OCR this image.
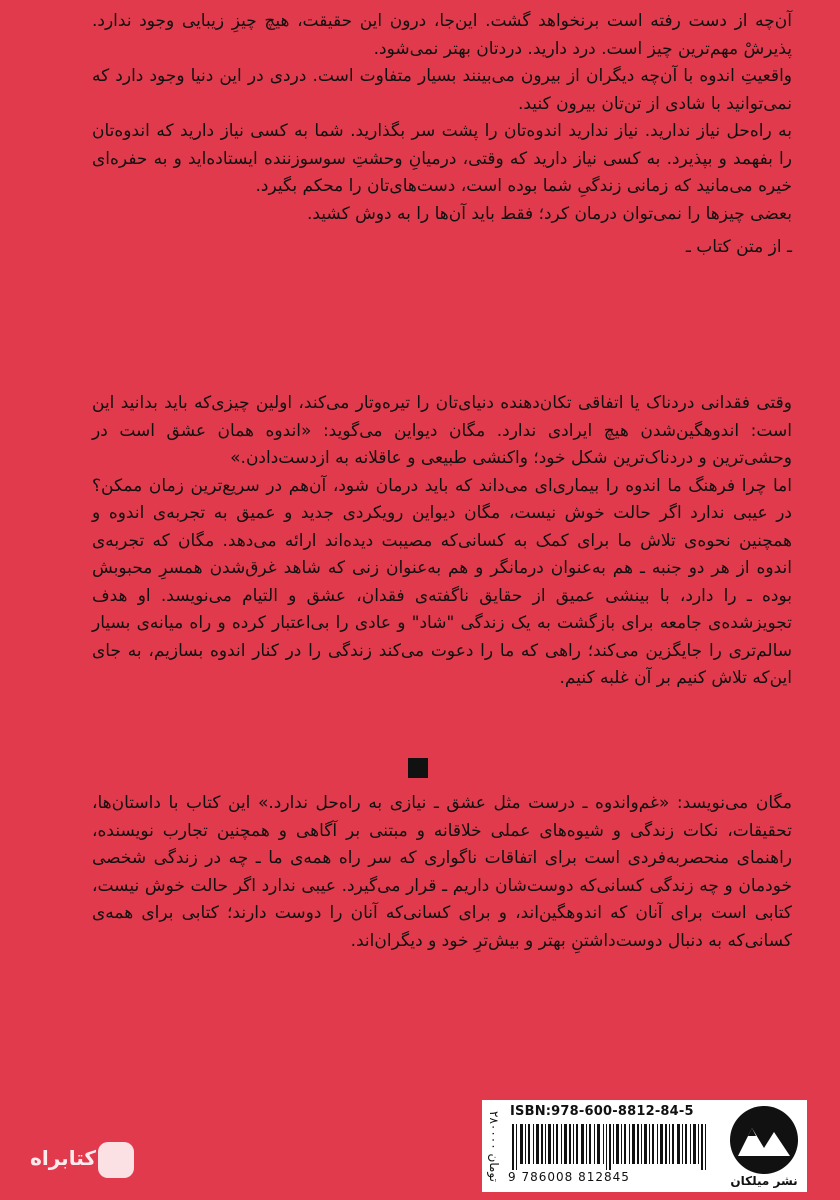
آن‌چه از دست رفته است برنخواهد گشت. این‌جا، درون این حقیقت، هیچ چیزِ زیبایی وجود ندارد. پذیرشْ مهم‌ترین چیز است. درد دارید. دردتان بهتر نمی‌شود.

واقعیتِ اندوه با آن‌چه دیگران از بیرون می‌بینند بسیار متفاوت است. دردی در این دنیا وجود دارد که نمی‌توانید با شادی از تن‌تان بیرون کنید.

به راه‌حل نیاز ندارید. نیاز ندارید اندوه‌تان را پشت سر بگذارید. شما به کسی نیاز دارید که اندوه‌تان را بفهمد و بپذیرد. به کسی نیاز دارید که وقتی، درمیانِ وحشتِ سوسوزننده ایستاده‌اید و به حفره‌ای خیره می‌مانید که زمانی زندگیِ شما بوده است، دست‌های‌تان را محکم بگیرد.

بعضی چیزها را نمی‌توان درمان کرد؛ فقط باید آن‌ها را به دوش کشید.

ـ از متن کتاب ـ

وقتی فقدانی دردناک یا اتفاقی تکان‌دهنده دنیای‌تان را تیره‌وتار می‌کند، اولین چیزی‌که باید بدانید این است: اندوهگین‌شدن هیچ ایرادی ندارد. مگان دیواین می‌گوید: «اندوه همان عشق است در وحشی‌ترین و دردناک‌ترین شکل خود؛ واکنشی طبیعی و عاقلانه به ازدست‌دادن.»

اما چرا فرهنگ ما اندوه را بیماری‌ای می‌داند که باید درمان شود، آن‌هم در سریع‌ترین زمان ممکن؟ در عیبی ندارد اگر حالت خوش نیست، مگان دیواین رویکردی جدید و عمیق به تجربه‌ی اندوه و همچنین نحوه‌ی تلاش ما برای کمک به کسانی‌که مصیبت دیده‌اند ارائه می‌دهد. مگان که تجربه‌ی اندوه از هر دو جنبه ـ هم به‌عنوان درمانگر و هم به‌عنوان زنی که شاهد غرق‌شدن همسرِ محبوبش بوده ـ را دارد، با بینشی عمیق از حقایق ناگفته‌ی فقدان، عشق و التیام می‌نویسد. او هدف تجویزشده‌ی جامعه برای بازگشت به یک زندگی "شاد" و عادی را بی‌اعتبار کرده و راه میانه‌ی بسیار سالم‌تری را جایگزین می‌کند؛ راهی که ما را دعوت می‌کند زندگی را در کنار اندوه بسازیم، به جای این‌که تلاش کنیم بر آن غلبه کنیم.

مگان می‌نویسد: «غم‌واندوه ـ درست مثل عشق ـ نیازی به راه‌حل ندارد.» این کتاب با داستان‌ها، تحقیقات، نکات زندگی و شیوه‌های عملی خلاقانه و مبتنی بر آگاهی و همچنین تجارب نویسنده، راهنمای منحصربه‌فردی است برای اتفاقات ناگواری که سر راه همه‌ی ما ـ چه در زندگی شخصی خودمان و چه زندگی کسانی‌که دوست‌شان داریم ـ قرار می‌گیرد. عیبی ندارد اگر حالت خوش نیست، کتابی است برای آنان که اندوهگین‌اند، و برای کسانی‌که آنان را دوست دارند؛ کتابی برای همه‌ی کسانی‌که به دنبال دوست‌داشتنِ بهتر و بیش‌ترِ خود و دیگران‌اند.

۲۸۰۰۰۰ تومان
ISBN:978-600-8812-84-5
9 786008 812845	نشر میلکان
کتابراه
